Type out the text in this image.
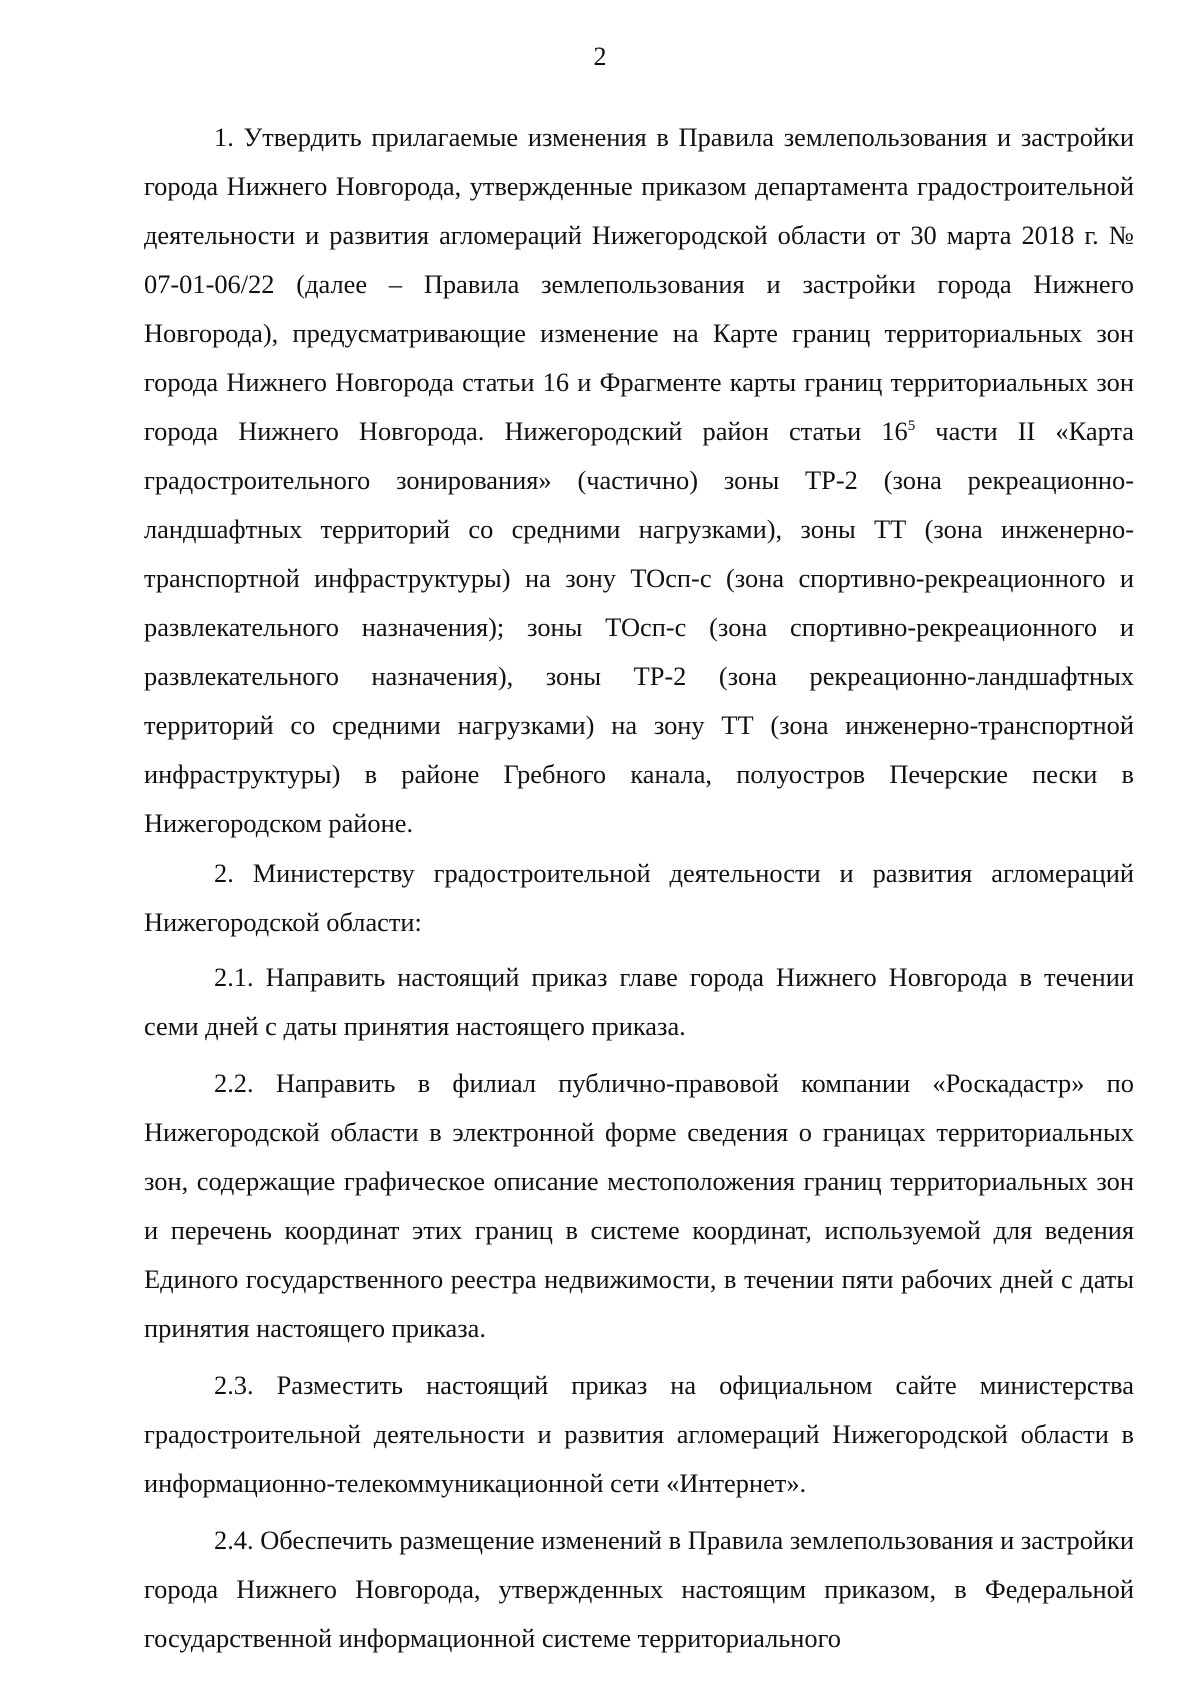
2

1. Утвердить прилагаемые изменения в Правила землепользования и застройки города Нижнего Новгорода, утвержденные приказом департамента градостроительной деятельности и развития агломераций Нижегородской области от 30 марта 2018 г. № 07-01-06/22 (далее – Правила землепользования и застройки города Нижнего Новгорода), предусматривающие изменение на Карте границ территориальных зон города Нижнего Новгорода статьи 16 и Фрагменте карты границ территориальных зон города Нижнего Новгорода. Нижегородский район статьи $16^5$ части II «Карта градостроительного зонирования» (частично) зоны ТР-2 (зона рекреационно-ландшафтных территорий со средними нагрузками), зоны ТТ (зона инженерно-транспортной инфраструктуры) на зону ТОсп-с (зона спортивно-рекреационного и развлекательного назначения); зоны ТОсп-с (зона спортивно-рекреационного и развлекательного назначения), зоны ТР-2 (зона рекреационно-ландшафтных территорий со средними нагрузками) на зону ТТ (зона инженерно-транспортной инфраструктуры) в районе Гребного канала, полуостров Печерские пески в Нижегородском районе.

2. Министерству градостроительной деятельности и развития агломераций Нижегородской области:

2.1. Направить настоящий приказ главе города Нижнего Новгорода в течении семи дней с даты принятия настоящего приказа.

2.2. Направить в филиал публично-правовой компании «Роскадастр» по Нижегородской области в электронной форме сведения о границах территориальных зон, содержащие графическое описание местоположения границ территориальных зон и перечень координат этих границ в системе координат, используемой для ведения Единого государственного реестра недвижимости, в течении пяти рабочих дней с даты принятия настоящего приказа.

2.3. Разместить настоящий приказ на официальном сайте министерства градостроительной деятельности и развития агломераций Нижегородской области в информационно-телекоммуникационной сети «Интернет».

2.4. Обеспечить размещение изменений в Правила землепользования и застройки города Нижнего Новгорода, утвержденных настоящим приказом, в Федеральной государственной информационной системе территориального
